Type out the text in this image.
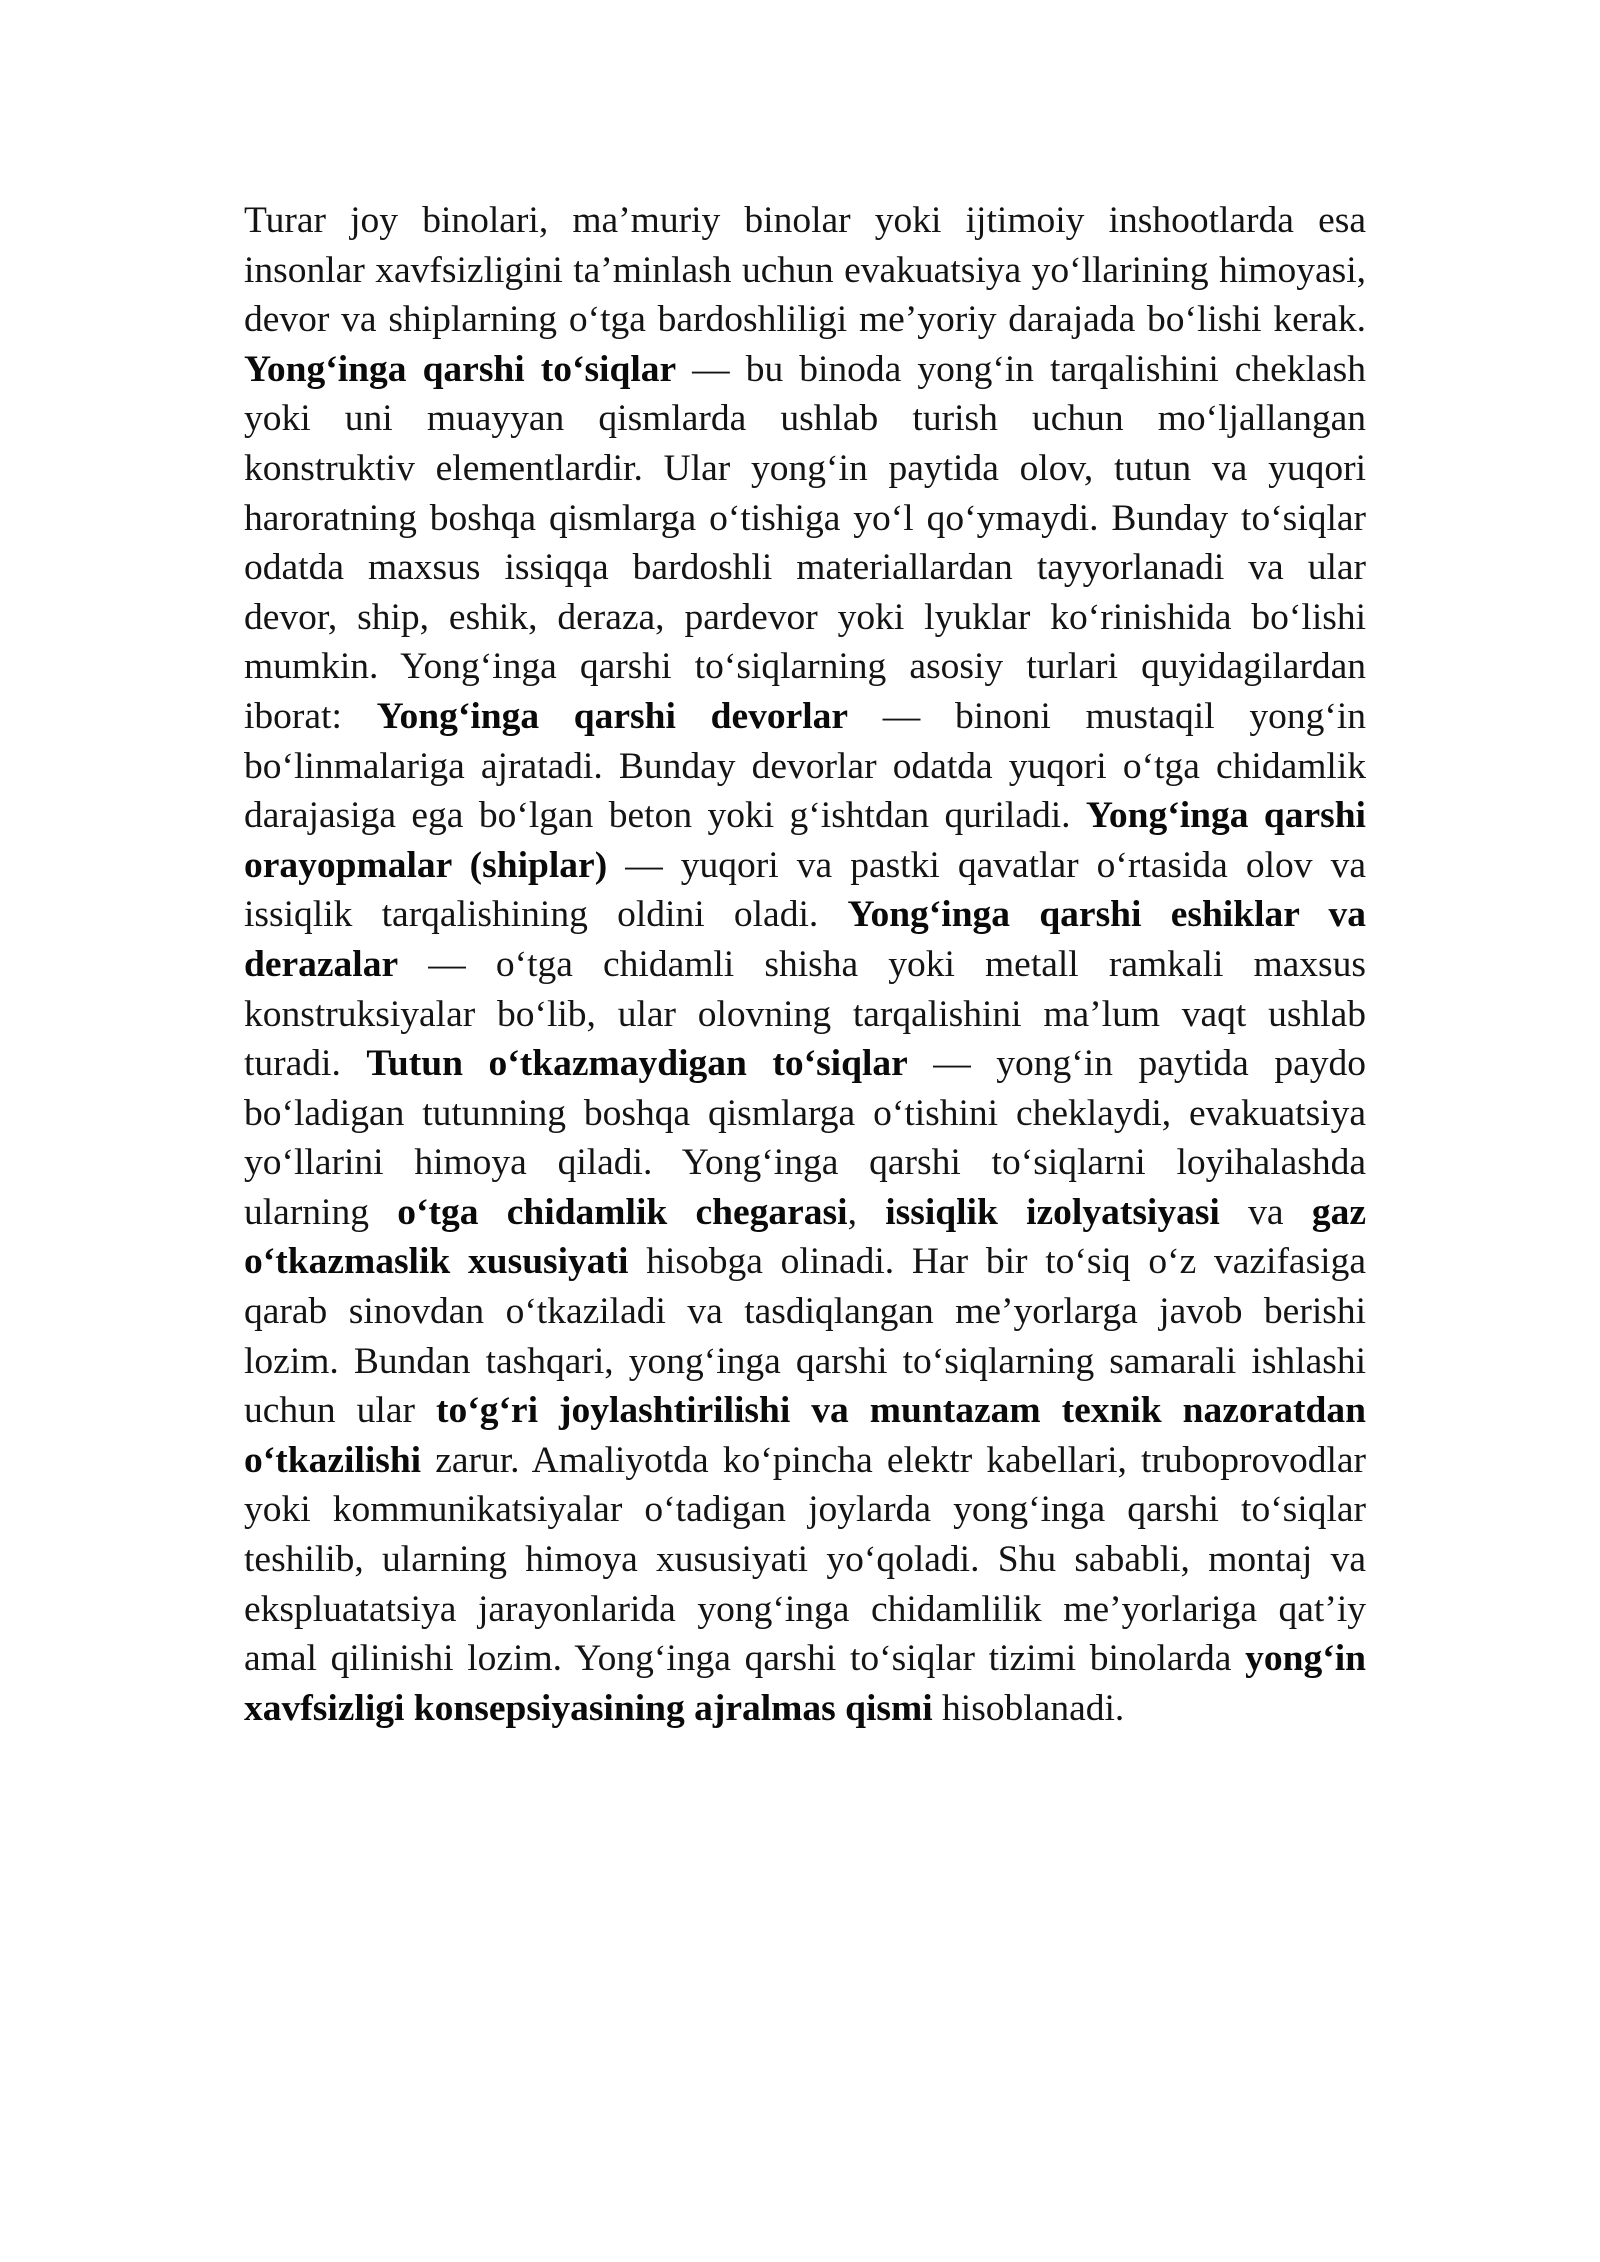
Turar joy binolari, ma’muriy binolar yoki ijtimoiy inshootlarda esa insonlar xavfsizligini ta’minlash uchun evakuatsiya yo‘llarining himoyasi, devor va shiplarning o‘tga bardoshliligi me’yoriy darajada bo‘lishi kerak. Yong‘inga qarshi to‘siqlar — bu binoda yong‘in tarqalishini cheklash yoki uni muayyan qismlarda ushlab turish uchun mo‘ljallangan konstruktiv elementlardir. Ular yong‘in paytida olov, tutun va yuqori haroratning boshqa qismlarga o‘tishiga yo‘l qo‘ymaydi. Bunday to‘siqlar odatda maxsus issiqqa bardoshli materiallardan tayyorlanadi va ular devor, ship, eshik, deraza, pardevor yoki lyuklar ko‘rinishida bo‘lishi mumkin. Yong‘inga qarshi to‘siqlarning asosiy turlari quyidagilardan iborat: Yong‘inga qarshi devorlar — binoni mustaqil yong‘in bo‘linmalariga ajratadi. Bunday devorlar odatda yuqori o‘tga chidamlik darajasiga ega bo‘lgan beton yoki g‘ishtdan quriladi. Yong‘inga qarshi orayopmalar (shiplar) — yuqori va pastki qavatlar o‘rtasida olov va issiqlik tarqalishining oldini oladi. Yong‘inga qarshi eshiklar va derazalar — o‘tga chidamli shisha yoki metall ramkali maxsus konstruksiyalar bo‘lib, ular olovning tarqalishini ma’lum vaqt ushlab turadi. Tutun o‘tkazmaydigan to‘siqlar — yong‘in paytida paydo bo‘ladigan tutunning boshqa qismlarga o‘tishini cheklaydi, evakuatsiya yo‘llarini himoya qiladi. Yong‘inga qarshi to‘siqlarni loyihalashda ularning o‘tga chidamlik chegarasi, issiqlik izolyatsiyasi va gaz o‘tkazmaslik xususiyati hisobga olinadi. Har bir to‘siq o‘z vazifasiga qarab sinovdan o‘tkaziladi va tasdiqlangan me’yorlarga javob berishi lozim. Bundan tashqari, yong‘inga qarshi to‘siqlarning samarali ishlashi uchun ular to‘g‘ri joylashtirilishi va muntazam texnik nazoratdan o‘tkazilishi zarur. Amaliyotda ko‘pincha elektr kabellari, truboprovodlar yoki kommunikatsiyalar o‘tadigan joylarda yong‘inga qarshi to‘siqlar teshilib, ularning himoya xususiyati yo‘qoladi. Shu sababli, montaj va ekspluatatsiya jarayonlarida yong‘inga chidamlilik me’yorlariga qat’iy amal qilinishi lozim. Yong‘inga qarshi to‘siqlar tizimi binolarda yong‘in xavfsizligi konsepsiyasining ajralmas qismi hisoblanadi.
